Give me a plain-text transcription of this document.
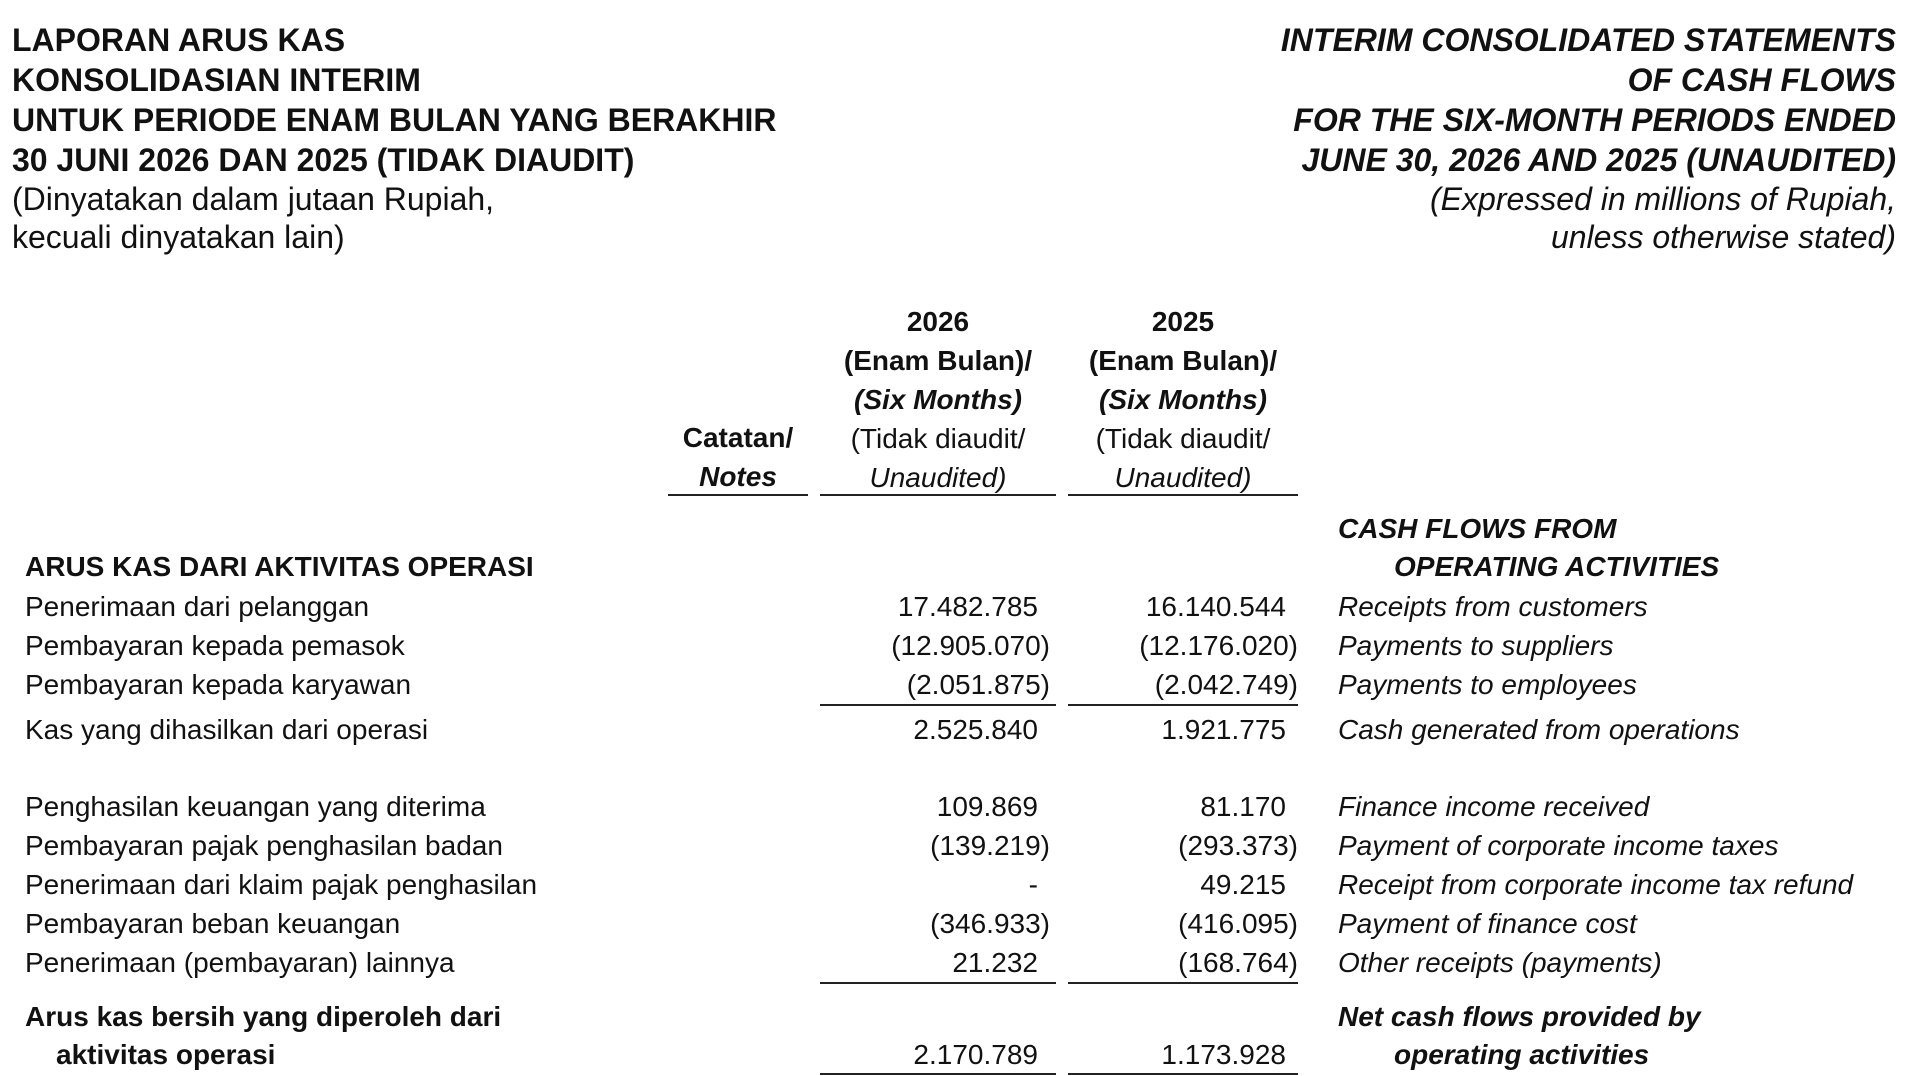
LAPORAN ARUS KAS
KONSOLIDASIAN INTERIM
UNTUK PERIODE ENAM BULAN YANG BERAKHIR
30 JUNI 2026 DAN 2025 (TIDAK DIAUDIT)
(Dinyatakan dalam jutaan Rupiah,
kecuali dinyatakan lain)
INTERIM CONSOLIDATED STATEMENTS
OF CASH FLOWS
FOR THE SIX-MONTH PERIODS ENDED
JUNE 30, 2026 AND 2025 (UNAUDITED)
(Expressed in millions of Rupiah,
unless otherwise stated)
Catatan/
Notes
2026
(Enam Bulan)/
(Six Months)
(Tidak diaudit/
Unaudited)
2025
(Enam Bulan)/
(Six Months)
(Tidak diaudit/
Unaudited)
CASH FLOWS FROM
ARUS KAS DARI AKTIVITAS OPERASI	OPERATING ACTIVITIES
Penerimaan dari pelanggan	17.482.785	16.140.544 Receipts from customers
Pembayaran kepada pemasok	(12.905.070)	(12.176.020) Payments to suppliers
Pembayaran kepada karyawan	(2.051.875)	(2.042.749) Payments to employees
Kas yang dihasilkan dari operasi	2.525.840	1.921.775 Cash generated from operations
Penghasilan keuangan yang diterima	109.869	81.170 Finance income received
Pembayaran pajak penghasilan badan	(139.219)	(293.373) Payment of corporate income taxes
Penerimaan dari klaim pajak penghasilan	-	49.215 Receipt from corporate income tax refund
Pembayaran beban keuangan	(346.933)	(416.095) Payment of finance cost
Penerimaan (pembayaran) lainnya	21.232	(168.764) Other receipts (payments)
Arus kas bersih yang diperoleh dari	Net cash flows provided by
aktivitas operasi	2.170.789	1.173.928	operating activities
